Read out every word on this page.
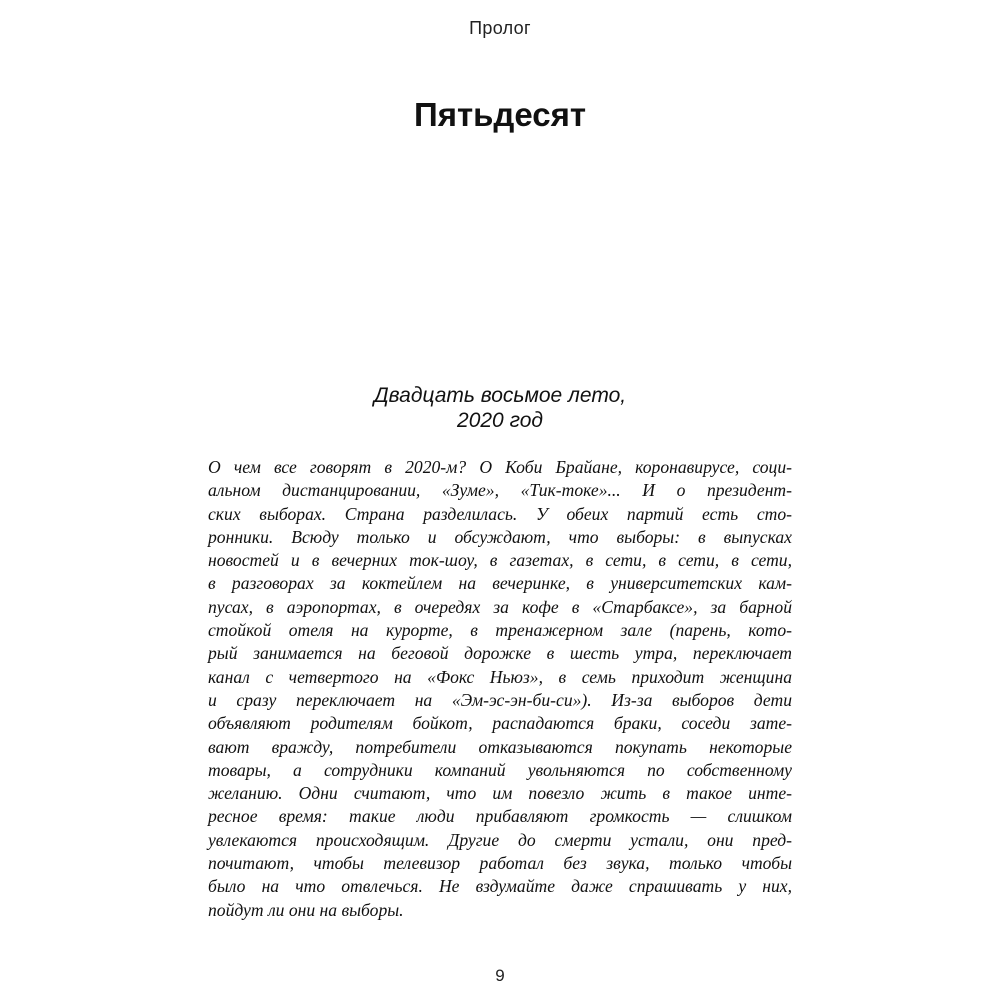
Пролог
Пятьдесят
Двадцать восьмое лето,
2020 год
О чем все говорят в 2020-м? О Коби Брайане, коронавирусе, соци-
альном дистанцировании, «Зуме», «Тик-токе»... И о президент-
ских выборах. Страна разделилась. У обеих партий есть сто-
ронники. Всюду только и обсуждают, что выборы: в выпусках
новостей и в вечерних ток-шоу, в газетах, в сети, в сети, в сети,
в разговорах за коктейлем на вечеринке, в университетских кам-
пусах, в аэропортах, в очередях за кофе в «Старбаксе», за барной
стойкой отеля на курорте, в тренажерном зале (парень, кото-
рый занимается на беговой дорожке в шесть утра, переключает
канал с четвертого на «Фокс Ньюз», в семь приходит женщина
и сразу переключает на «Эм-эс-эн-би-си»). Из-за выборов дети
объявляют родителям бойкот, распадаются браки, соседи зате-
вают вражду, потребители отказываются покупать некоторые
товары, а сотрудники компаний увольняются по собственному
желанию. Одни считают, что им повезло жить в такое инте-
ресное время: такие люди прибавляют громкость — слишком
увлекаются происходящим. Другие до смерти устали, они пред-
почитают, чтобы телевизор работал без звука, только чтобы
было на что отвлечься. Не вздумайте даже спрашивать у них,
пойдут ли они на выборы.
9
